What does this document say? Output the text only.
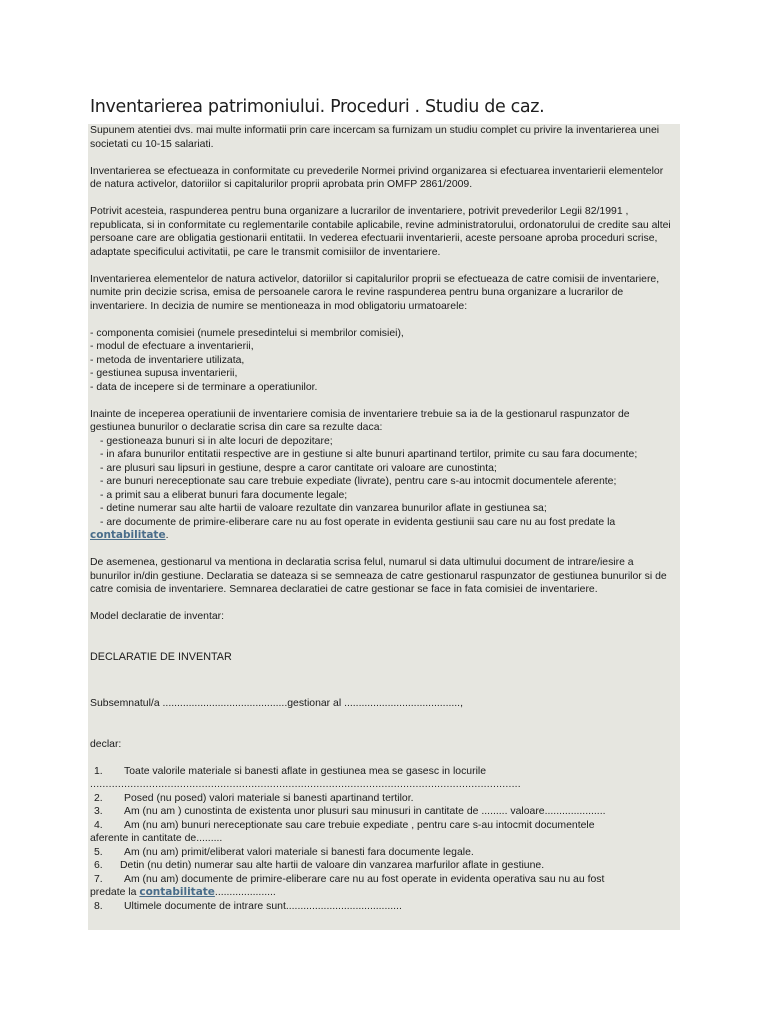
Inventarierea patrimoniului. Proceduri . Studiu de caz.

Supunem atentiei dvs. mai multe informatii prin care incercam sa furnizam un studiu complet cu privire la inventarierea unei societati cu 10-15 salariati.

Inventarierea se efectueaza in conformitate cu prevederile Normei privind organizarea si efectuarea inventarierii elementelor de natura activelor, datoriilor si capitalurilor proprii aprobata prin OMFP 2861/2009.

Potrivit acesteia, raspunderea pentru buna organizare a lucrarilor de inventariere, potrivit prevederilor Legii 82/1991 , republicata, si in conformitate cu reglementarile contabile aplicabile, revine administratorului, ordonatorului de credite sau altei persoane care are obligatia gestionarii entitatii. In vederea efectuarii inventarierii, aceste persoane aproba proceduri scrise, adaptate specificului activitatii, pe care le transmit comisiilor de inventariere.

Inventarierea elementelor de natura activelor, datoriilor si capitalurilor proprii se efectueaza de catre comisii de inventariere, numite prin decizie scrisa, emisa de persoanele carora le revine raspunderea pentru buna organizare a lucrarilor de inventariere. In decizia de numire se mentioneaza in mod obligatoriu urmatoarele:

- componenta comisiei (numele presedintelui si membrilor comisiei),

- modul de efectuare a inventarierii,

- metoda de inventariere utilizata,

- gestiunea supusa inventarierii,

- data de incepere si de terminare a operatiunilor.

Inainte de inceperea operatiunii de inventariere comisia de inventariere trebuie sa ia de la gestionarul raspunzator de gestiunea bunurilor o declaratie scrisa din care sa rezulte daca:

- gestioneaza bunuri si in alte locuri de depozitare;

- in afara bunurilor entitatii respective are in gestiune si alte bunuri apartinand tertilor, primite cu sau fara documente;

- are plusuri sau lipsuri in gestiune, despre a caror cantitate ori valoare are cunostinta;

- are bunuri nereceptionate sau care trebuie expediate (livrate), pentru care s-au intocmit documentele aferente;

- a primit sau a eliberat bunuri fara documente legale;

- detine numerar sau alte hartii de valoare rezultate din vanzarea bunurilor aflate in gestiunea sa;

- are documente de primire-eliberare care nu au fost operate in evidenta gestiunii sau care nu au fost predate la contabilitate.

De asemenea, gestionarul va mentiona in declaratia scrisa felul, numarul si data ultimului document de intrare/iesire a bunurilor in/din gestiune. Declaratia se dateaza si se semneaza de catre gestionarul raspunzator de gestiunea bunurilor si de catre comisia de inventariere. Semnarea declaratiei de catre gestionar se face in fata comisiei de inventariere.

Model declaratie de inventar:

DECLARATIE DE INVENTAR

Subsemnatul/a ...........................................gestionar al ........................................,

declar:

1. Toate valorile materiale si banesti aflate in gestiunea mea se gasesc in locurile

...........................................................................................................................................

2. Posed (nu posed) valori materiale si banesti apartinand tertilor.

3. Am (nu am ) cunostinta de existenta unor plusuri sau minusuri in cantitate de ......... valoare.....................

4. Am (nu am) bunuri nereceptionate sau care trebuie expediate , pentru care s-au intocmit documentele

aferente in cantitate de.........

5. Am (nu am) primit/eliberat valori materiale si banesti fara documente legale.

6. Detin (nu detin) numerar sau alte hartii de valoare din vanzarea marfurilor aflate in gestiune.

7. Am (nu am) documente de primire-eliberare care nu au fost operate in evidenta operativa sau nu au fost

predate la contabilitate.....................

8. Ultimele documente de intrare sunt........................................
